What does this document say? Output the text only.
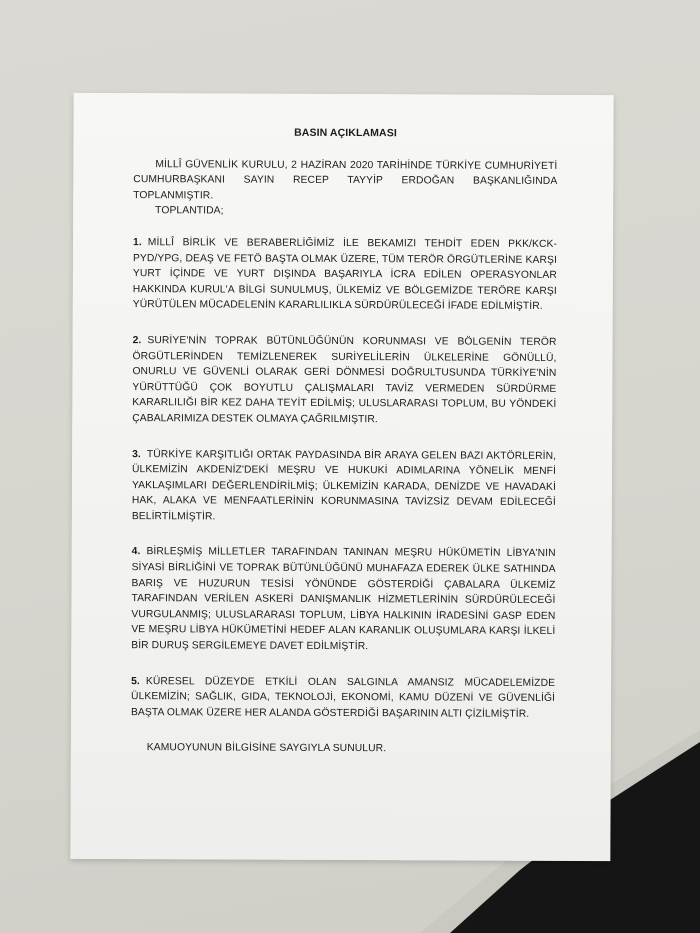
BASIN AÇIKLAMASI

MİLLÎ GÜVENLİK KURULU, 2 HAZİRAN 2020 TARİHİNDE TÜRKİYE CUMHURİYETİ CUMHURBAŞKANI SAYIN RECEP TAYYİP ERDOĞAN BAŞKANLIĞINDA TOPLANMIŞTIR.

TOPLANTIDA;

1. MİLLÎ BİRLİK VE BERABERLİĞİMİZ İLE BEKAMIZI TEHDİT EDEN PKK/KCK-PYD/YPG, DEAŞ VE FETÖ BAŞTA OLMAK ÜZERE, TÜM TERÖR ÖRGÜTLERİNE KARŞI YURT İÇİNDE VE YURT DIŞINDA BAŞARIYLA İCRA EDİLEN OPERASYONLAR HAKKINDA KURUL'A BİLGİ SUNULMUŞ, ÜLKEMİZ VE BÖLGEMİZDE TERÖRE KARŞI YÜRÜTÜLEN MÜCADELENİN KARARLILIKLA SÜRDÜRÜLECEĞİ İFADE EDİLMİŞTİR.

2. SURİYE'NİN TOPRAK BÜTÜNLÜĞÜNÜN KORUNMASI VE BÖLGENİN TERÖR ÖRGÜTLERİNDEN TEMİZLENEREK SURİYELİLERİN ÜLKELERİNE GÖNÜLLÜ, ONURLU VE GÜVENLİ OLARAK GERİ DÖNMESİ DOĞRULTUSUNDA TÜRKİYE'NİN YÜRÜTTÜĞÜ ÇOK BOYUTLU ÇALIŞMALARI TAVİZ VERMEDEN SÜRDÜRME KARARLILIĞI BİR KEZ DAHA TEYİT EDİLMİŞ; ULUSLARARASI TOPLUM, BU YÖNDEKİ ÇABALARIMIZA DESTEK OLMAYA ÇAĞRILMIŞTIR.

3. TÜRKİYE KARŞITLIĞI ORTAK PAYDASINDA BİR ARAYA GELEN BAZI AKTÖRLERİN, ÜLKEMİZİN AKDENİZ'DEKİ MEŞRU VE HUKUKİ ADIMLARINA YÖNELİK MENFİ YAKLAŞIMLARI DEĞERLENDİRİLMİŞ; ÜLKEMİZİN KARADA, DENİZDE VE HAVADAKİ HAK, ALAKA VE MENFAATLERİNİN KORUNMASINA TAVİZSİZ DEVAM EDİLECEĞİ BELİRTİLMİŞTİR.

4. BİRLEŞMİŞ MİLLETLER TARAFINDAN TANINAN MEŞRU HÜKÜMETİN LİBYA'NIN SİYASİ BİRLİĞİNİ VE TOPRAK BÜTÜNLÜĞÜNÜ MUHAFAZA EDEREK ÜLKE SATHINDA BARIŞ VE HUZURUN TESİSİ YÖNÜNDE GÖSTERDİĞİ ÇABALARA ÜLKEMİZ TARAFINDAN VERİLEN ASKERİ DANIŞMANLIK HİZMETLERİNİN SÜRDÜRÜLECEĞİ VURGULANMIŞ; ULUSLARARASI TOPLUM, LİBYA HALKININ İRADESİNİ GASP EDEN VE MEŞRU LİBYA HÜKÜMETİNİ HEDEF ALAN KARANLIK OLUŞUMLARA KARŞI İLKELİ BİR DURUŞ SERGİLEMEYE DAVET EDİLMİŞTİR.

5. KÜRESEL DÜZEYDE ETKİLİ OLAN SALGINLA AMANSIZ MÜCADELEMİZDE ÜLKEMİZİN; SAĞLIK, GIDA, TEKNOLOJİ, EKONOMİ, KAMU DÜZENİ VE GÜVENLİĞİ BAŞTA OLMAK ÜZERE HER ALANDA GÖSTERDİĞİ BAŞARININ ALTI ÇİZİLMİŞTİR.

KAMUOYUNUN BİLGİSİNE SAYGIYLA SUNULUR.
